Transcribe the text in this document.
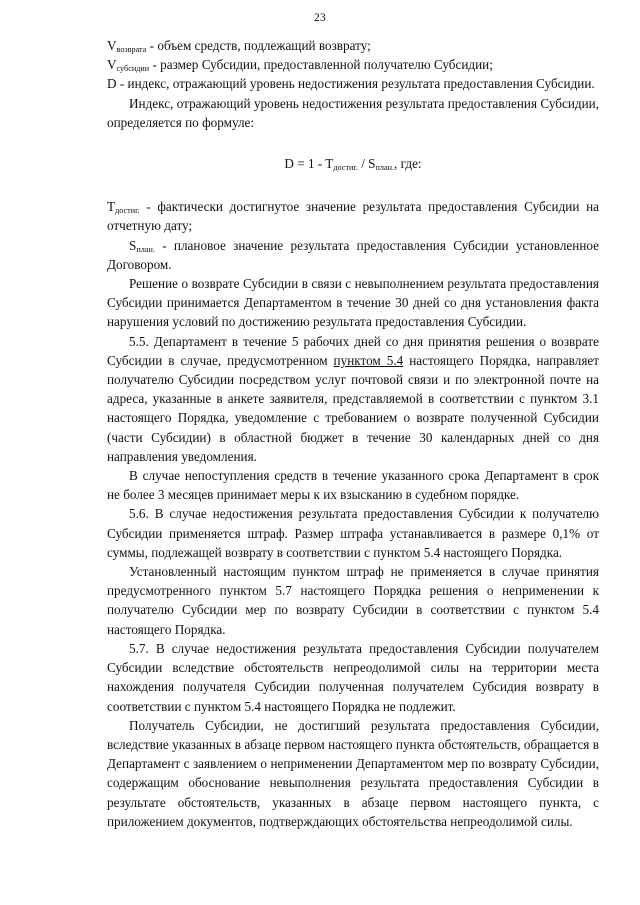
23

$V_{возврата}$ - объем средств, подлежащий возврату;

$V_{субсидии}$ - размер Субсидии, предоставленной получателю Субсидии;

D - индекс, отражающий уровень недостижения результата предоставления Субсидии.

Индекс, отражающий уровень недостижения результата предоставления Субсидии, определяется по формуле:

$D = 1 - T_{достиг.} / S_{план.}$, где:

$T_{достиг.}$ - фактически достигнутое значение результата предоставления Субсидии на отчетную дату;

$S_{план.}$ - плановое значение результата предоставления Субсидии установленное Договором.

Решение о возврате Субсидии в связи с невыполнением результата предоставления Субсидии принимается Департаментом в течение 30 дней со дня установления факта нарушения условий по достижению результата предоставления Субсидии.

5.5. Департамент в течение 5 рабочих дней со дня принятия решения о возврате Субсидии в случае, предусмотренном пунктом 5.4 настоящего Порядка, направляет получателю Субсидии посредством услуг почтовой связи и по электронной почте на адреса, указанные в анкете заявителя, представляемой в соответствии с пунктом 3.1 настоящего Порядка, уведомление с требованием о возврате полученной Субсидии (части Субсидии) в областной бюджет в течение 30 календарных дней со дня направления уведомления.

В случае непоступления средств в течение указанного срока Департамент в срок не более 3 месяцев принимает меры к их взысканию в судебном порядке.

5.6. В случае недостижения результата предоставления Субсидии к получателю Субсидии применяется штраф. Размер штрафа устанавливается в размере 0,1% от суммы, подлежащей возврату в соответствии с пунктом 5.4 настоящего Порядка.

Установленный настоящим пунктом штраф не применяется в случае принятия предусмотренного пунктом 5.7 настоящего Порядка решения о неприменении к получателю Субсидии мер по возврату Субсидии в соответствии с пунктом 5.4 настоящего Порядка.

5.7. В случае недостижения результата предоставления Субсидии получателем Субсидии вследствие обстоятельств непреодолимой силы на территории места нахождения получателя Субсидии полученная получателем Субсидия возврату в соответствии с пунктом 5.4 настоящего Порядка не подлежит.

Получатель Субсидии, не достигший результата предоставления Субсидии, вследствие указанных в абзаце первом настоящего пункта обстоятельств, обращается в Департамент с заявлением о неприменении Департаментом мер по возврату Субсидии, содержащим обоснование невыполнения результата предоставления Субсидии в результате обстоятельств, указанных в абзаце первом настоящего пункта, с приложением документов, подтверждающих обстоятельства непреодолимой силы.
